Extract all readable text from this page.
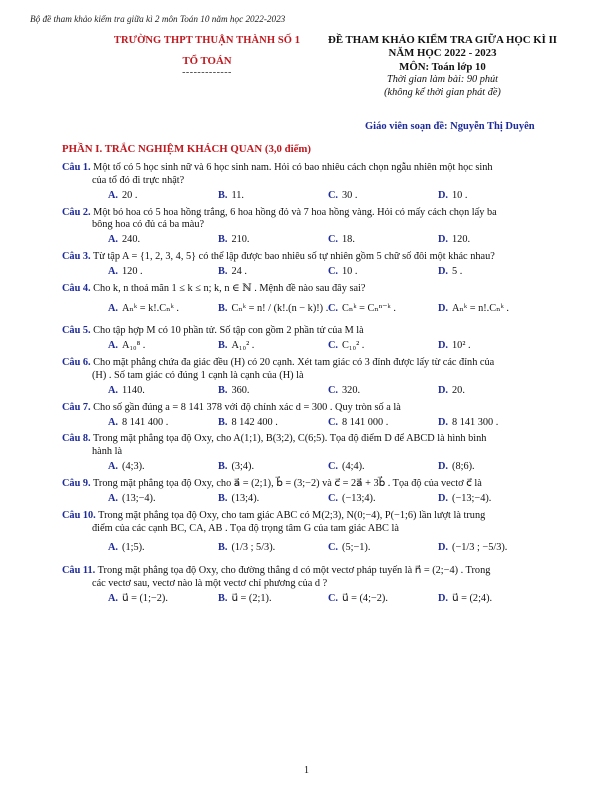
Bộ đề tham khảo kiểm tra giữa kì 2 môn Toán 10 năm học 2022-2023
TRƯỜNG THPT THUẬN THÀNH SỐ 1
TỔ TOÁN
-------------
ĐỀ THAM KHẢO KIỂM TRA GIỮA HỌC KÌ II
NĂM HỌC 2022 - 2023
MÔN: Toán lớp 10
Thời gian làm bài: 90 phút
(không kể thời gian phát đề)
Giáo viên soạn đề: Nguyễn Thị Duyên
PHẦN I. TRẮC NGHIỆM KHÁCH QUAN (3,0 điểm)
Câu 1. Một tổ có 5 học sinh nữ và 6 học sinh nam. Hỏi có bao nhiêu cách chọn ngẫu nhiên một học sinh
của tổ đó đi trực nhật?
A. 20 .	B. 11.	C. 30 .	D. 10 .
Câu 2. Một bó hoa có 5 hoa hồng trắng, 6 hoa hồng đỏ và 7 hoa hồng vàng. Hỏi có mấy cách chọn lấy ba
bông hoa có đủ cả ba màu?
A. 240.	B. 210.	C. 18.	D. 120.
Câu 3. Từ tập A = {1, 2, 3, 4, 5} có thể lập được bao nhiêu số tự nhiên gồm 5 chữ số đôi một khác nhau?
A. 120 .	B. 24 .	C. 10 .	D. 5 .
Câu 4. Cho k, n thoả mãn 1 ≤ k ≤ n; k, n ∈ ℕ . Mệnh đề nào sau đây sai?
A. Aₙᵏ = k!.Cₙᵏ .	B. Cₙᵏ = n! / (k!.(n − k)!) . C. Cₙᵏ = Cₙⁿ⁻ᵏ .	D. Aₙᵏ = n!.Cₙᵏ .
Câu 5. Cho tập hợp M có 10 phần tử. Số tập con gồm 2 phần tử của M là
A. A₁₀⁸ .	B. A₁₀² .	C. C₁₀² .	D. 10² .
Câu 6. Cho mặt phẳng chứa đa giác đều (H) có 20 cạnh. Xét tam giác có 3 đỉnh được lấy từ các đỉnh của
(H) . Số tam giác có đúng 1 cạnh là cạnh của (H) là
A. 1140.	B. 360.	C. 320.	D. 20.
Câu 7. Cho số gần đúng a = 8 141 378 với độ chính xác d = 300 . Quy tròn số a là
A. 8 141 400 .	B. 8 142 400 .	C. 8 141 000 .	D. 8 141 300 .
Câu 8. Trong mặt phẳng tọa độ Oxy, cho A(1;1), B(3;2), C(6;5). Tọa độ điểm D để ABCD là hình bình
hành là
A. (4;3).	B. (3;4).	C. (4;4).	D. (8;6).
Câu 9. Trong mặt phẳng tọa độ Oxy, cho a⃗ = (2;1), b⃗ = (3;−2) và c⃗ = 2a⃗ + 3b⃗ . Tọa độ của vectơ c⃗ là
A. (13;−4).	B. (13;4).	C. (−13;4).	D. (−13;−4).
Câu 10. Trong mặt phẳng tọa độ Oxy, cho tam giác ABC có M(2;3), N(0;−4), P(−1;6) lần lượt là trung
điểm của các cạnh BC, CA, AB . Tọa độ trọng tâm G của tam giác ABC là
A. (1;5).	B. (1/3 ; 5/3).	C. (5;−1).	D. (−1/3 ; −5/3).
Câu 11. Trong mặt phẳng tọa độ Oxy, cho đường thẳng d có một vectơ pháp tuyến là n⃗ = (2;−4) . Trong
các vectơ sau, vectơ nào là một vectơ chỉ phương của d ?
A. u⃗ = (1;−2).	B. u⃗ = (2;1).	C. u⃗ = (4;−2).	D. u⃗ = (2;4).
1
